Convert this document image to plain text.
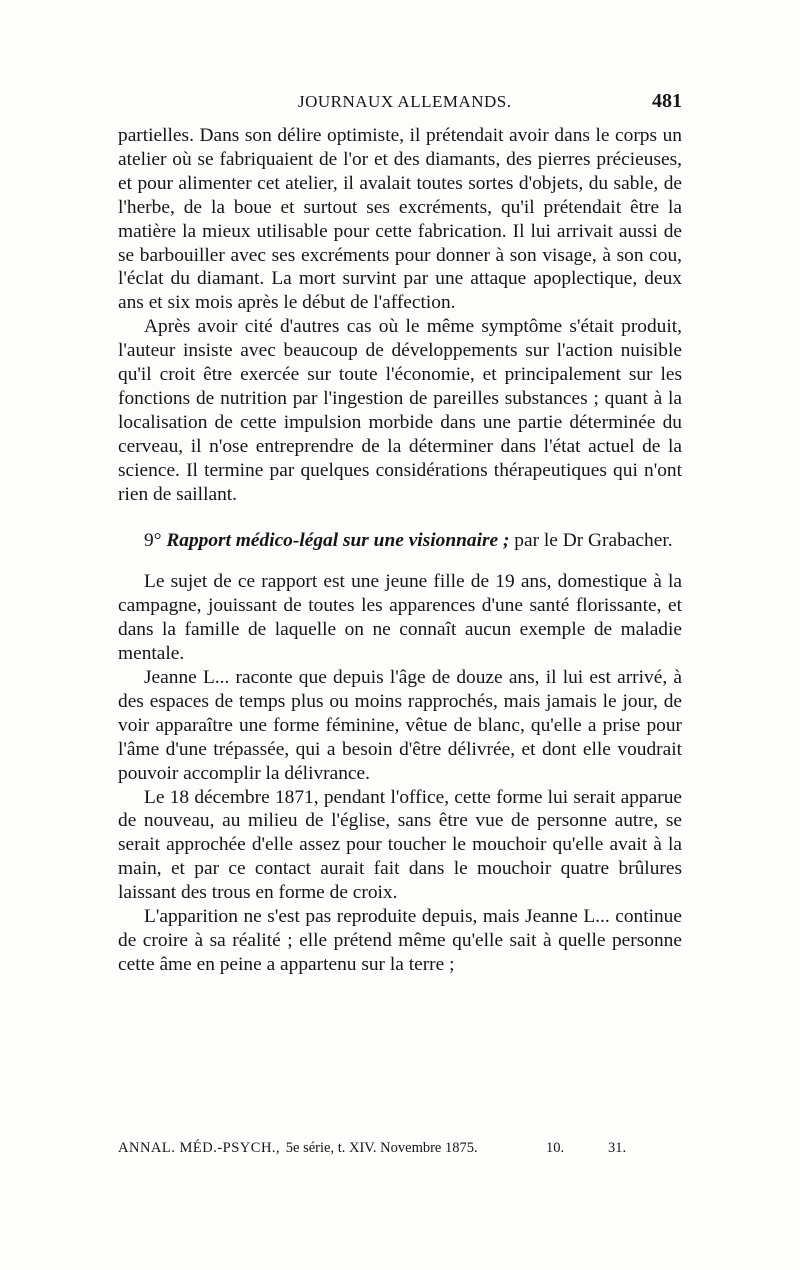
JOURNAUX ALLEMANDS.	481

partielles. Dans son délire optimiste, il prétendait avoir dans le corps un atelier où se fabriquaient de l'or et des diamants, des pierres précieuses, et pour alimenter cet atelier, il avalait toutes sortes d'objets, du sable, de l'herbe, de la boue et surtout ses excréments, qu'il prétendait être la matière la mieux utilisable pour cette fabrication. Il lui arrivait aussi de se barbouiller avec ses excréments pour donner à son visage, à son cou, l'éclat du diamant. La mort survint par une attaque apoplectique, deux ans et six mois après le début de l'affection.

Après avoir cité d'autres cas où le même symptôme s'était produit, l'auteur insiste avec beaucoup de développements sur l'action nuisible qu'il croit être exercée sur toute l'économie, et principalement sur les fonctions de nutrition par l'ingestion de pareilles substances ; quant à la localisation de cette impulsion morbide dans une partie déterminée du cerveau, il n'ose entreprendre de la déterminer dans l'état actuel de la science. Il termine par quelques considérations thérapeutiques qui n'ont rien de saillant.

9° Rapport médico-légal sur une visionnaire ; par le Dr Grabacher.

Le sujet de ce rapport est une jeune fille de 19 ans, domestique à la campagne, jouissant de toutes les apparences d'une santé florissante, et dans la famille de laquelle on ne connaît aucun exemple de maladie mentale.

Jeanne L... raconte que depuis l'âge de douze ans, il lui est arrivé, à des espaces de temps plus ou moins rapprochés, mais jamais le jour, de voir apparaître une forme féminine, vêtue de blanc, qu'elle a prise pour l'âme d'une trépassée, qui a besoin d'être délivrée, et dont elle voudrait pouvoir accomplir la délivrance.

Le 18 décembre 1871, pendant l'office, cette forme lui serait apparue de nouveau, au milieu de l'église, sans être vue de personne autre, se serait approchée d'elle assez pour toucher le mouchoir qu'elle avait à la main, et par ce contact aurait fait dans le mouchoir quatre brûlures laissant des trous en forme de croix.

L'apparition ne s'est pas reproduite depuis, mais Jeanne L... continue de croire à sa réalité ; elle prétend même qu'elle sait à quelle personne cette âme en peine a appartenu sur la terre ;

ANNAL. MÉD.-PSYCH., 5e série, t. XIV. Novembre 1875.	10.	31.
